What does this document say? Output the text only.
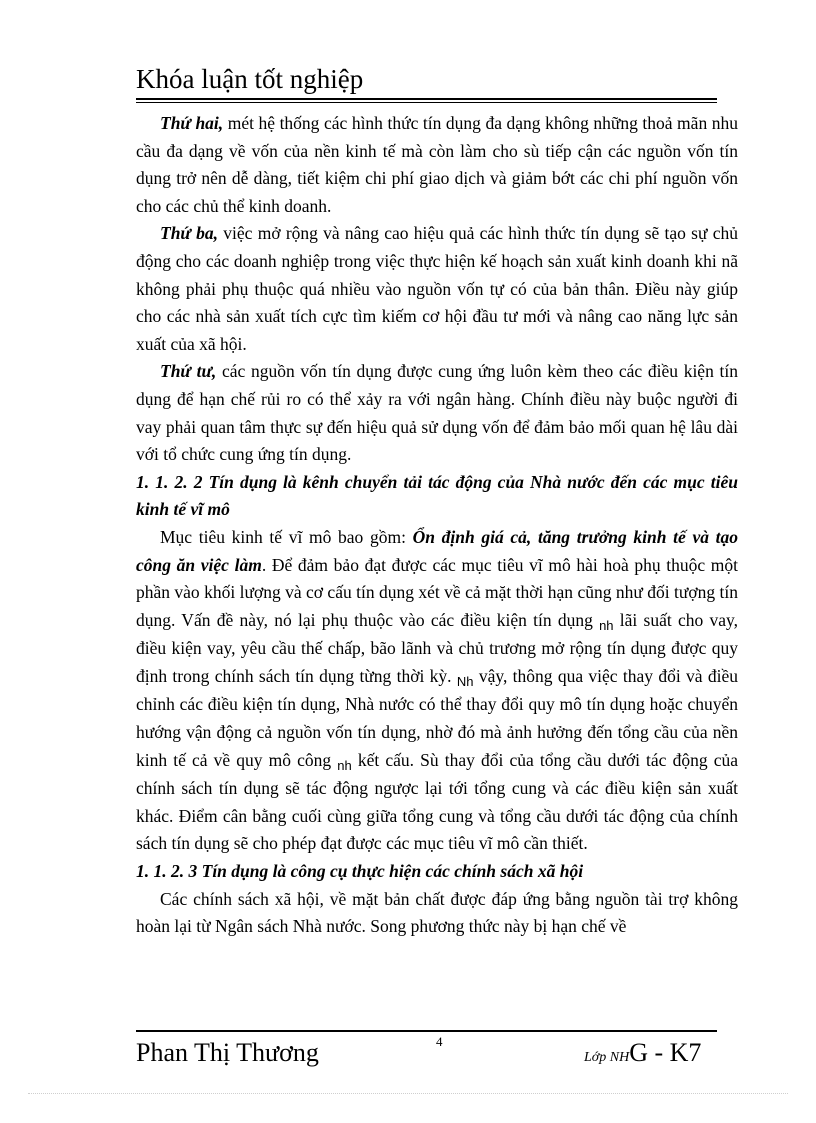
Khóa luận tốt nghiệp

Thứ hai, mét hệ thống các hình thức tín dụng đa dạng không những thoả mãn nhu cầu đa dạng về vốn của nền kinh tế mà còn làm cho sù tiếp cận các nguồn vốn tín dụng trở nên dễ dàng, tiết kiệm chi phí giao dịch và giảm bớt các chi phí nguồn vốn cho các chủ thể kinh doanh.

Thứ ba, việc mở rộng và nâng cao hiệu quả các hình thức tín dụng sẽ tạo sự chủ động cho các doanh nghiệp trong việc thực hiện kế hoạch sản xuất kinh doanh khi nã không phải phụ thuộc quá nhiều vào nguồn vốn tự có của bản thân. Điều này giúp cho các nhà sản xuất tích cực tìm kiếm cơ hội đầu tư mới và nâng cao năng lực sản xuất của xã hội.

Thứ tư, các nguồn vốn tín dụng được cung ứng luôn kèm theo các điều kiện tín dụng để hạn chế rủi ro có thể xảy ra với ngân hàng. Chính điều này buộc người đi vay phải quan tâm thực sự đến hiệu quả sử dụng vốn để đảm bảo mối quan hệ lâu dài với tổ chức cung ứng tín dụng.

1. 1. 2. 2 Tín dụng là kênh chuyển tải tác động của Nhà nước đến các mục tiêu kinh tế vĩ mô

Mục tiêu kinh tế vĩ mô bao gồm: Ổn định giá cả, tăng trưởng kinh tế và tạo công ăn việc làm. Để đảm bảo đạt được các mục tiêu vĩ mô hài hoà phụ thuộc một phần vào khối lượng và cơ cấu tín dụng xét về cả mặt thời hạn cũng như đối tượng tín dụng. Vấn đề này, nó lại phụ thuộc vào các điều kiện tín dụng $_{nh}$ lãi suất cho vay, điều kiện vay, yêu cầu thế chấp, bão lãnh và chủ trương mở rộng tín dụng được quy định trong chính sách tín dụng từng thời kỳ. $_{Nh}$ vậy, thông qua việc thay đổi và điều chỉnh các điều kiện tín dụng, Nhà nước có thể thay đổi quy mô tín dụng hoặc chuyển hướng vận động cả nguồn vốn tín dụng, nhờ đó mà ảnh hưởng đến tổng cầu của nền kinh tế cả về quy mô công $_{nh}$ kết cấu. Sù thay đổi của tổng cầu dưới tác động của chính sách tín dụng sẽ tác động ngược lại tới tổng cung và các điều kiện sản xuất khác. Điểm cân bằng cuối cùng giữa tổng cung và tổng cầu dưới tác động của chính sách tín dụng sẽ cho phép đạt được các mục tiêu vĩ mô cần thiết.

1. 1. 2. 3 Tín dụng là công cụ thực hiện các chính sách xã hội

Các chính sách xã hội, về mặt bản chất được đáp ứng bằng nguồn tài trợ không hoàn lại từ Ngân sách Nhà nước. Song phương thức này bị hạn chế về

Phan Thị Thương	4
Lớp NHG - K7
